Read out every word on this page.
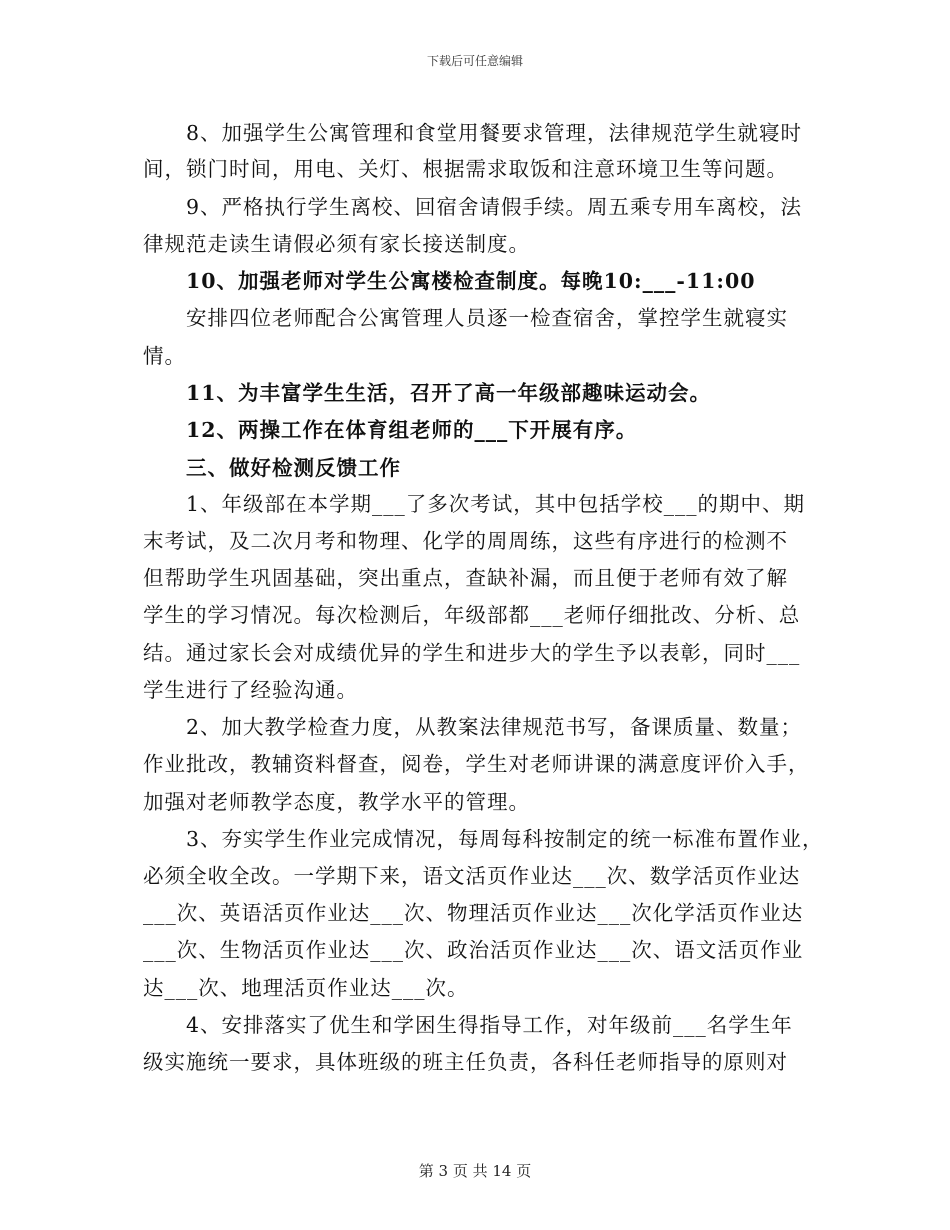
下载后可任意编辑
8、加强学生公寓管理和食堂用餐要求管理，法律规范学生就寝时
间，锁门时间，用电、关灯、根据需求取饭和注意环境卫生等问题。
9、严格执行学生离校、回宿舍请假手续。周五乘专用车离校，法
律规范走读生请假必须有家长接送制度。
10、加强老师对学生公寓楼检查制度。每晚10:___-11:00
安排四位老师配合公寓管理人员逐一检查宿舍，掌控学生就寝实
情。
11、为丰富学生生活，召开了高一年级部趣味运动会。
12、两操工作在体育组老师的___下开展有序。
三、做好检测反馈工作
1、年级部在本学期___了多次考试，其中包括学校___的期中、期
末考试，及二次月考和物理、化学的周周练，这些有序进行的检测不
但帮助学生巩固基础，突出重点，查缺补漏，而且便于老师有效了解
学生的学习情况。每次检测后，年级部都___老师仔细批改、分析、总
结。通过家长会对成绩优异的学生和进步大的学生予以表彰，同时___
学生进行了经验沟通。
2、加大教学检查力度，从教案法律规范书写，备课质量、数量；
作业批改，教辅资料督查，阅卷，学生对老师讲课的满意度评价入手，
加强对老师教学态度，教学水平的管理。
3、夯实学生作业完成情况，每周每科按制定的统一标准布置作业，
必须全收全改。一学期下来，语文活页作业达___次、数学活页作业达
___次、英语活页作业达___次、物理活页作业达___次化学活页作业达
___次、生物活页作业达___次、政治活页作业达___次、语文活页作业
达___次、地理活页作业达___次。
4、安排落实了优生和学困生得指导工作，对年级前___名学生年
级实施统一要求，具体班级的班主任负责，各科任老师指导的原则对
第 3 页 共 14 页
